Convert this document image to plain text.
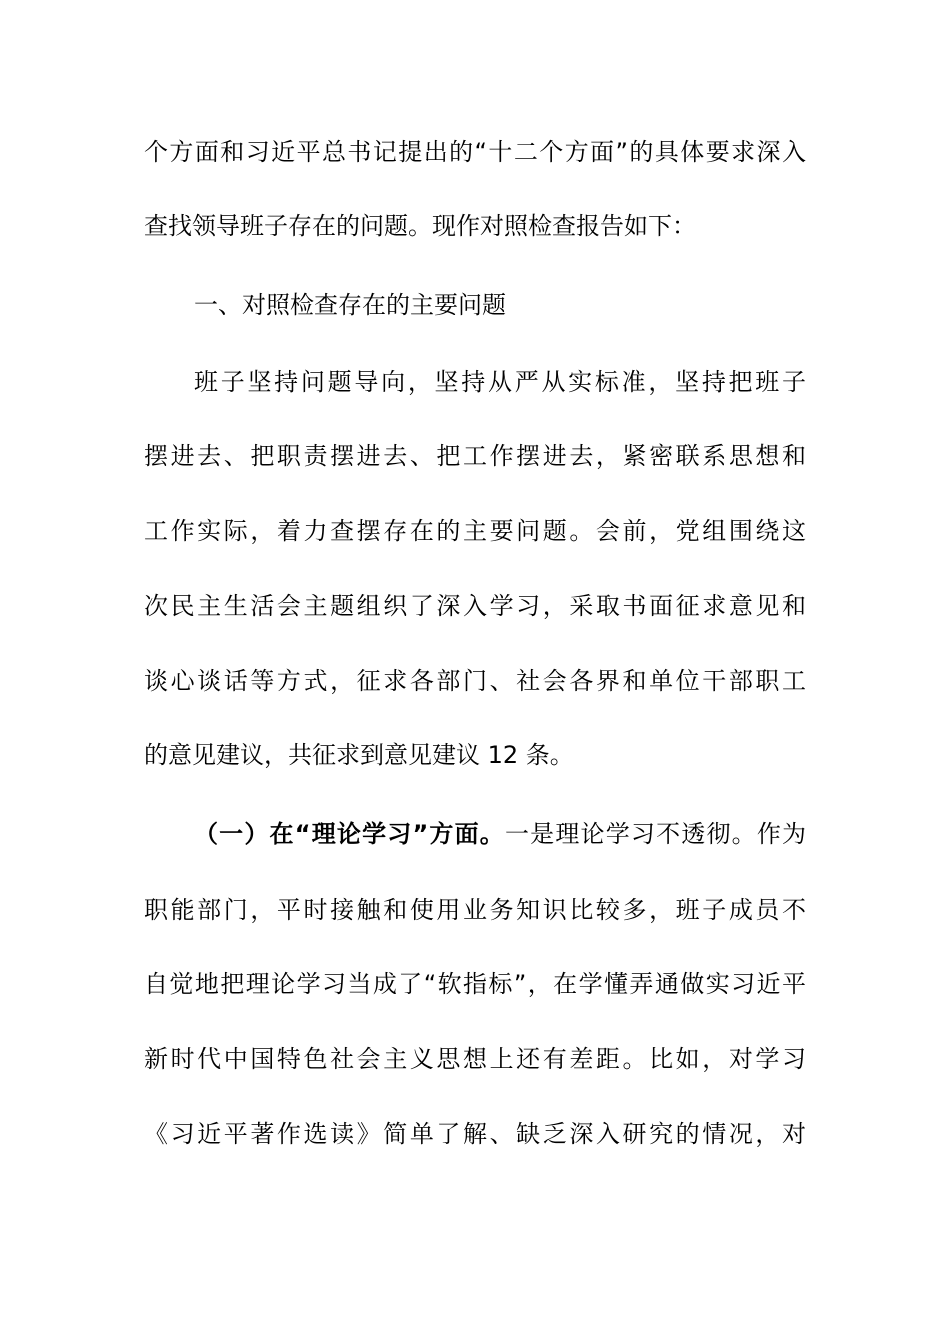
个方面和习近平总书记提出的“十二个方面”的具体要求深入
查找领导班子存在的问题。现作对照检查报告如下：
一、对照检查存在的主要问题
班子坚持问题导向，坚持从严从实标准，坚持把班子
摆进去、把职责摆进去、把工作摆进去，紧密联系思想和
工作实际，着力查摆存在的主要问题。会前，党组围绕这
次民主生活会主题组织了深入学习，采取书面征求意见和
谈心谈话等方式，征求各部门、社会各界和单位干部职工
的意见建议，共征求到意见建议 12 条。
（一）在“理论学习”方面。一是理论学习不透彻。作为
职能部门，平时接触和使用业务知识比较多，班子成员不
自觉地把理论学习当成了“软指标”，在学懂弄通做实习近平
新时代中国特色社会主义思想上还有差距。比如，对学习
《习近平著作选读》简单了解、缺乏深入研究的情况，对
